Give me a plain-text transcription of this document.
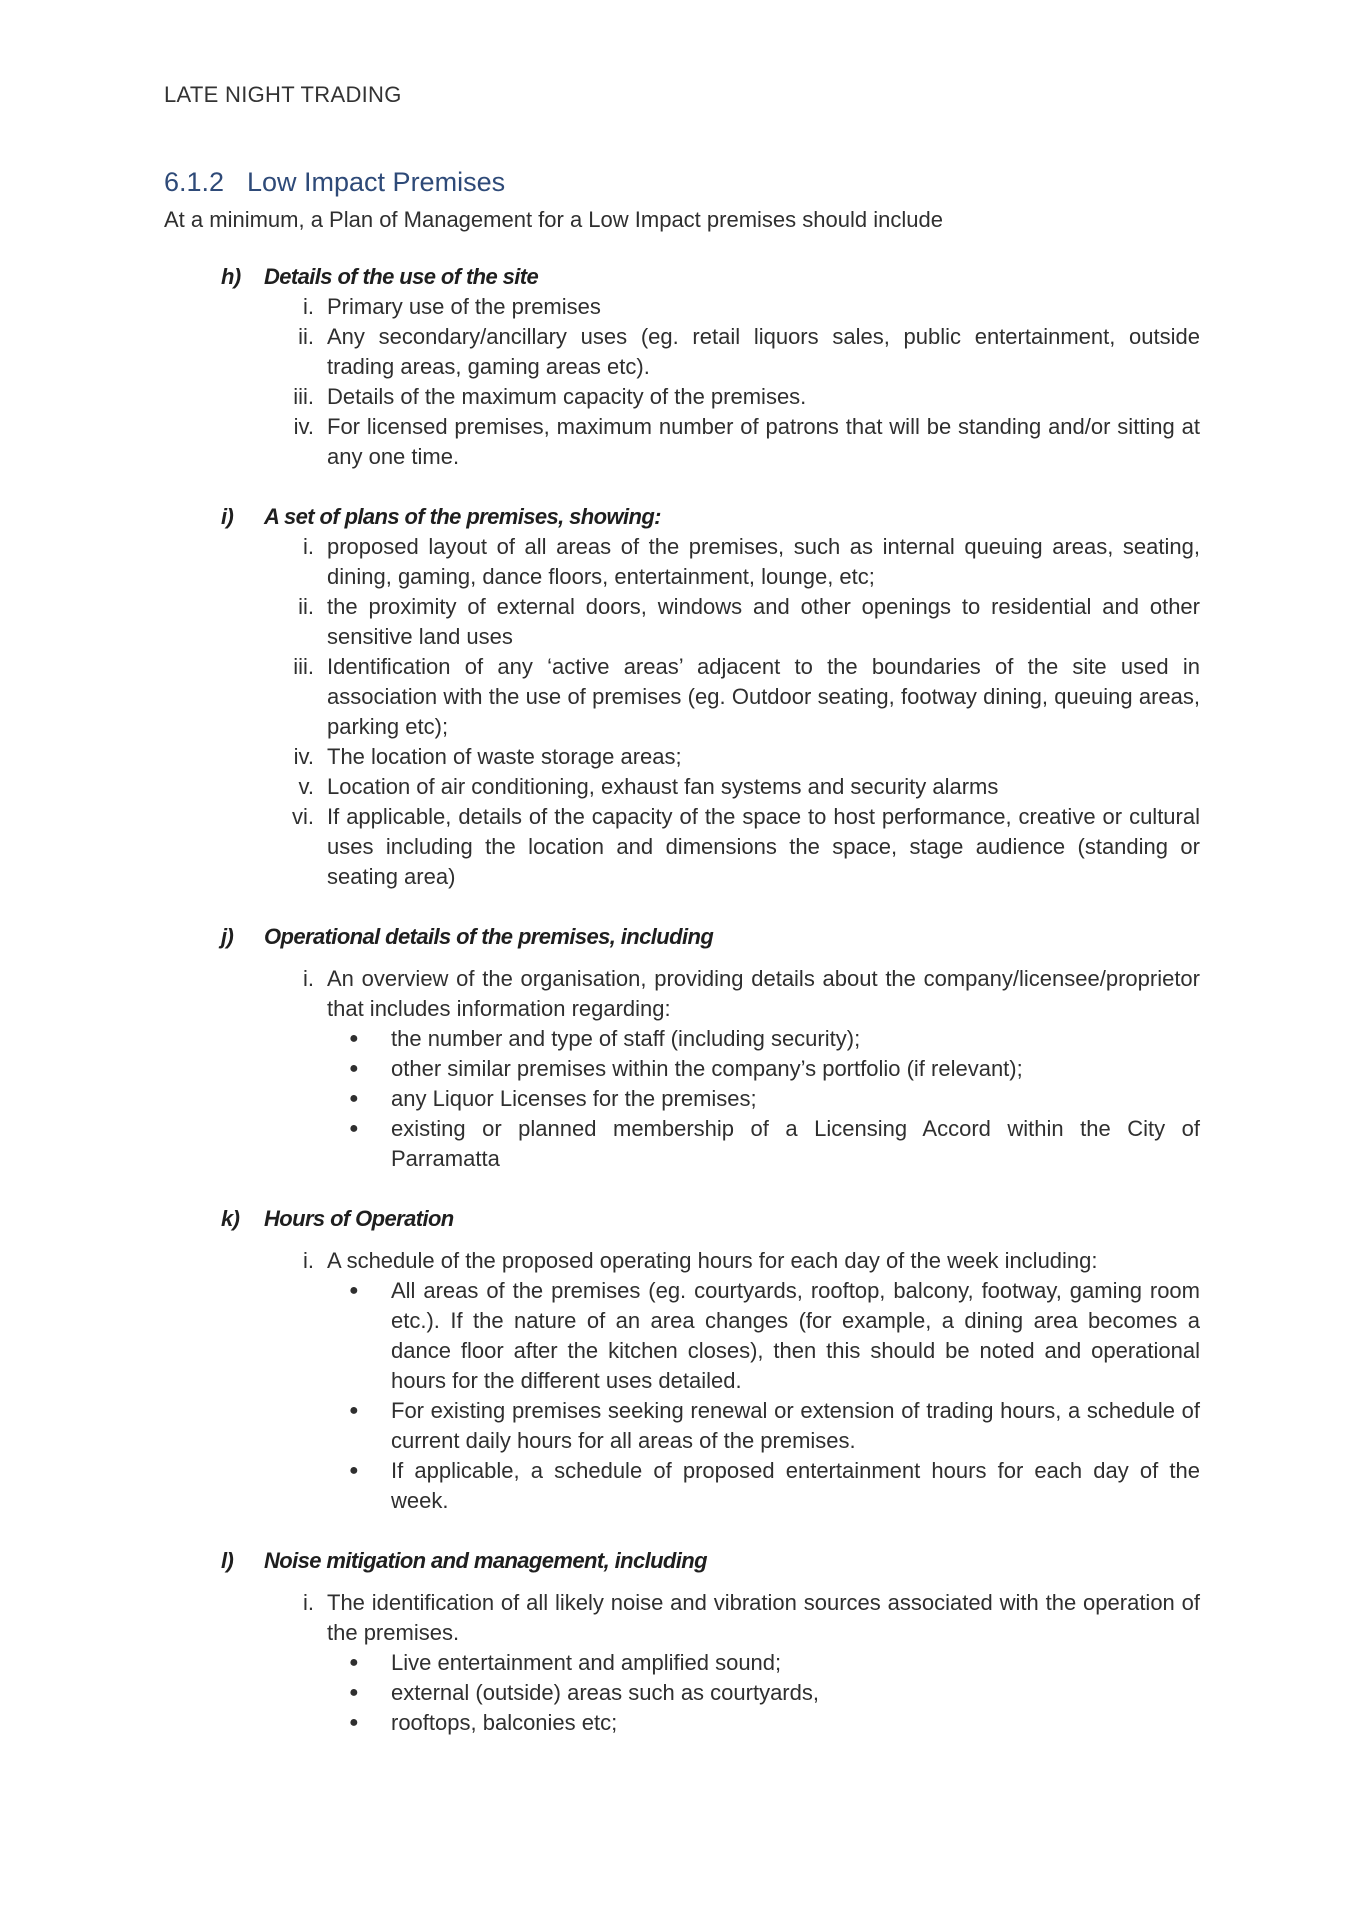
LATE NIGHT TRADING
6.1.2 Low Impact Premises
At a minimum, a Plan of Management for a Low Impact premises should include
h) Details of the use of the site
i. Primary use of the premises
ii. Any secondary/ancillary uses (eg. retail liquors sales, public entertainment, outside trading areas, gaming areas etc).
iii. Details of the maximum capacity of the premises.
iv. For licensed premises, maximum number of patrons that will be standing and/or sitting at any one time.
i) A set of plans of the premises, showing:
i. proposed layout of all areas of the premises, such as internal queuing areas, seating, dining, gaming, dance floors, entertainment, lounge, etc;
ii. the proximity of external doors, windows and other openings to residential and other sensitive land uses
iii. Identification of any ‘active areas’ adjacent to the boundaries of the site used in association with the use of premises (eg. Outdoor seating, footway dining, queuing areas, parking etc);
iv. The location of waste storage areas;
v. Location of air conditioning, exhaust fan systems and security alarms
vi. If applicable, details of the capacity of the space to host performance, creative or cultural uses including the location and dimensions the space, stage audience (standing or seating area)
j) Operational details of the premises, including
i. An overview of the organisation, providing details about the company/licensee/proprietor that includes information regarding:
● the number and type of staff (including security);
● other similar premises within the company’s portfolio (if relevant);
● any Liquor Licenses for the premises;
● existing or planned membership of a Licensing Accord within the City of Parramatta
k) Hours of Operation
i. A schedule of the proposed operating hours for each day of the week including:
● All areas of the premises (eg. courtyards, rooftop, balcony, footway, gaming room etc.). If the nature of an area changes (for example, a dining area becomes a dance floor after the kitchen closes), then this should be noted and operational hours for the different uses detailed.
● For existing premises seeking renewal or extension of trading hours, a schedule of current daily hours for all areas of the premises.
● If applicable, a schedule of proposed entertainment hours for each day of the week.
l) Noise mitigation and management, including
i. The identification of all likely noise and vibration sources associated with the operation of the premises.
● Live entertainment and amplified sound;
● external (outside) areas such as courtyards,
● rooftops, balconies etc;
